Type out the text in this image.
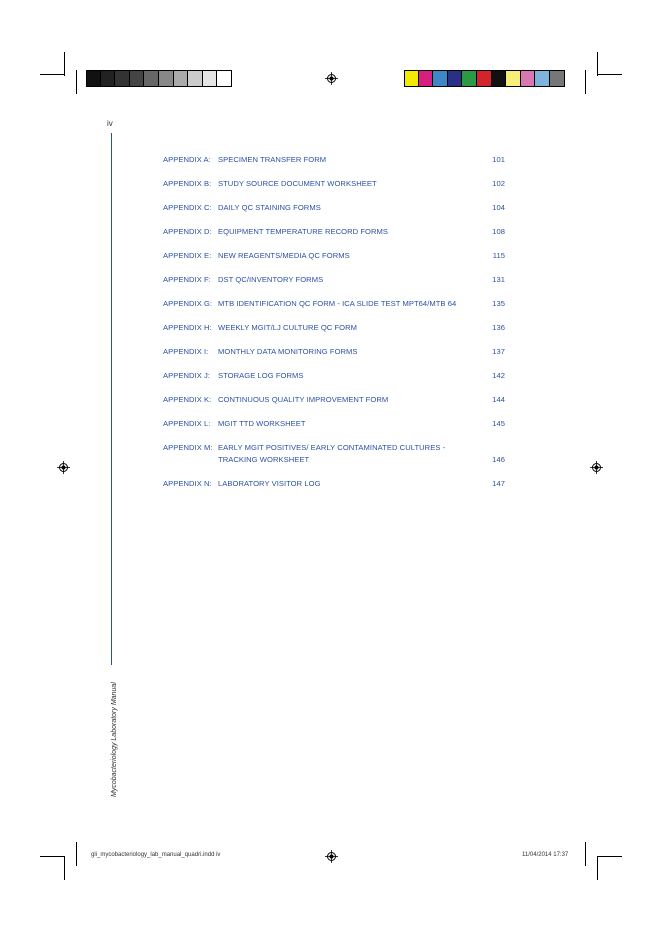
iv
Mycobacteriology Laboratory Manual
APPENDIX A: SPECIMEN TRANSFER FORM	101
APPENDIX B: STUDY SOURCE DOCUMENT WORKSHEET	102
APPENDIX C: DAILY QC STAINING FORMS	104
APPENDIX D: EQUIPMENT TEMPERATURE RECORD FORMS	108
APPENDIX E: NEW REAGENTS/MEDIA QC FORMS	115
APPENDIX F: DST QC/INVENTORY FORMS	131
APPENDIX G: MTB IDENTIFICATION QC FORM - ICA SLIDE TEST MPT64/MTB 64	135
APPENDIX H: WEEKLY MGIT/LJ CULTURE QC FORM	136
APPENDIX I:	MONTHLY DATA MONITORING FORMS	137
APPENDIX J:	STORAGE LOG FORMS	142
APPENDIX K: CONTINUOUS QUALITY IMPROVEMENT FORM	144
APPENDIX L: MGIT TTD WORKSHEET	145
APPENDIX M: EARLY MGIT POSITIVES/ EARLY CONTAMINATED CULTURES - TRACKING WORKSHEET	146
APPENDIX N: LABORATORY VISITOR LOG	147
gli_mycobacteriology_lab_manual_quadri.indd iv	11/04/2014 17:37
